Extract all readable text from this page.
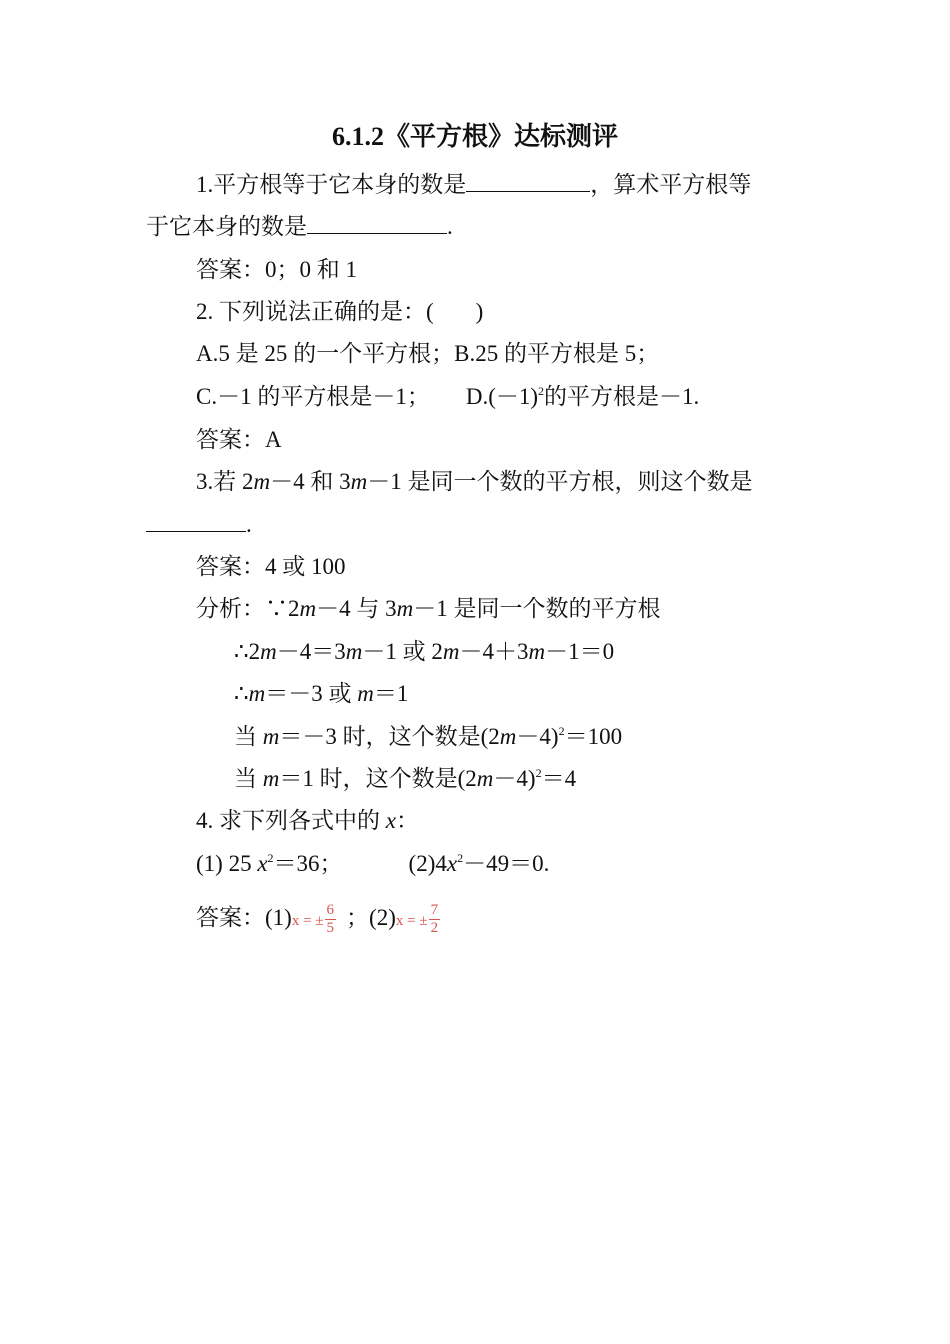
6.1.2《平方根》达标测评
1.平方根等于它本身的数是	，算术平方根等
于它本身的数是	.
答案：0；0 和 1
2. 下列说法正确的是：( )
A.5 是 25 的一个平方根；B.25 的平方根是 5；
C.－1 的平方根是－1； $D.(-1)^2$的平方根是－1.
答案：A
3.若 2m－4 和 3m－1 是同一个数的平方根，则这个数是
.
答案：4 或 100
分析：∵2m－4 与 3m－1 是同一个数的平方根
∴2m－4＝3m－1 或 2m－4＋3m－1＝0
∴m＝－3 或 m＝1
当 m＝－3 时，这个数是$(2m-4)^2=100$
当 m＝1 时，这个数是$(2m-4)^2=4$
4. 求下列各式中的 x：
(1) 25 $x^2=36$；	$(2)4x^2-49=0$.
答案：(1)x = ± $\frac{6}{5}$ ；(2)x = ± $\frac{7}{2}$
